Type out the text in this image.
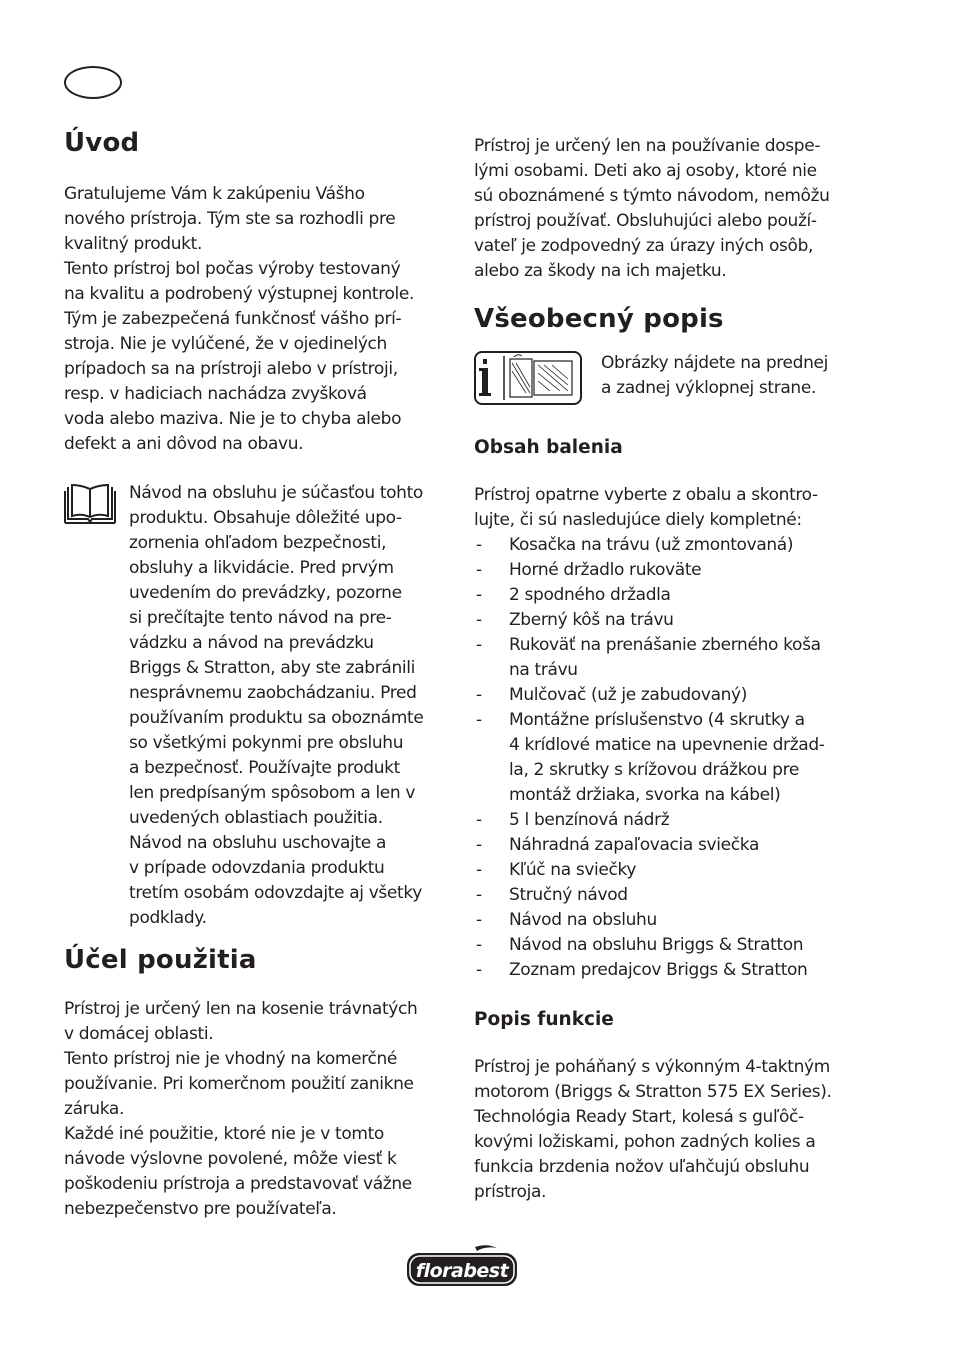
Úvod

Gratulujeme Vám k zakúpeniu Vášho
nového prístroja. Tým ste sa rozhodli pre
kvalitný produkt.
Tento prístroj bol počas výroby testovaný
na kvalitu a podrobený výstupnej kontrole.
Tým je zabezpečená funkčnosť vášho prí-
stroja. Nie je vylúčené, že v ojedinelých
prípadoch sa na prístroji alebo v prístroji,
resp. v hadiciach nachádza zvyšková
voda alebo maziva. Nie je to chyba alebo
defekt a ani dôvod na obavu.

Návod na obsluhu je súčasťou tohto
produktu. Obsahuje dôležité upo-
zornenia ohľadom bezpečnosti,
obsluhy a likvidácie. Pred prvým
uvedením do prevádzky, pozorne
si prečítajte tento návod na pre-
vádzku a návod na prevádzku
Briggs & Stratton, aby ste zabránili
nesprávnemu zaobchádzaniu. Pred
používaním produktu sa oboznámte
so všetkými pokynmi pre obsluhu
a bezpečnosť. Používajte produkt
len predpísaným spôsobom a len v
uvedených oblastiach použitia.
Návod na obsluhu uschovajte a
v prípade odovzdania produktu
tretím osobám odovzdajte aj všetky
podklady.

Účel použitia

Prístroj je určený len na kosenie trávnatých
v domácej oblasti.
Tento prístroj nie je vhodný na komerčné
používanie. Pri komerčnom použití zanikne
záruka.
Každé iné použitie, ktoré nie je v tomto
návode výslovne povolené, môže viesť k
poškodeniu prístroja a predstavovať vážne
nebezpečenstvo pre používateľa.

Prístroj je určený len na používanie dospe-
lými osobami. Deti ako aj osoby, ktoré nie
sú oboznámené s týmto návodom, nemôžu
prístroj používať. Obsluhujúci alebo použí-
vateľ je zodpovedný za úrazy iných osôb,
alebo za škody na ich majetku.

Všeobecný popis

Obrázky nájdete na prednej
a zadnej výklopnej strane.

Obsah balenia

Prístroj opatrne vyberte z obalu a skontro-
lujte, či sú nasledujúce diely kompletné:

- Kosačka na trávu (už zmontovaná)
- Horné držadlo rukoväte
- 2 spodného držadla
- Zberný kôš na trávu
- Rukoväť na prenášanie zberného koša
na trávu
- Mulčovač (už je zabudovaný)
- Montážne príslušenstvo (4 skrutky a
4 krídlové matice na upevnenie držad-
la, 2 skrutky s krížovou drážkou pre
montáž držiaka, svorka na kábel)
- 5 l benzínová nádrž
- Náhradná zapaľovacia sviečka
- Kľúč na sviečky
- Stručný návod
- Návod na obsluhu
- Návod na obsluhu Briggs & Stratton
- Zoznam predajcov Briggs & Stratton
Popis funkcie

Prístroj je poháňaný s výkonným 4-taktným
motorom (Briggs & Stratton 575 EX Series).
Technológia Ready Start, kolesá s guľôč-
kovými ložiskami, pohon zadných kolies a
funkcia brzdenia nožov uľahčujú obsluhu
prístroja.

florabest
